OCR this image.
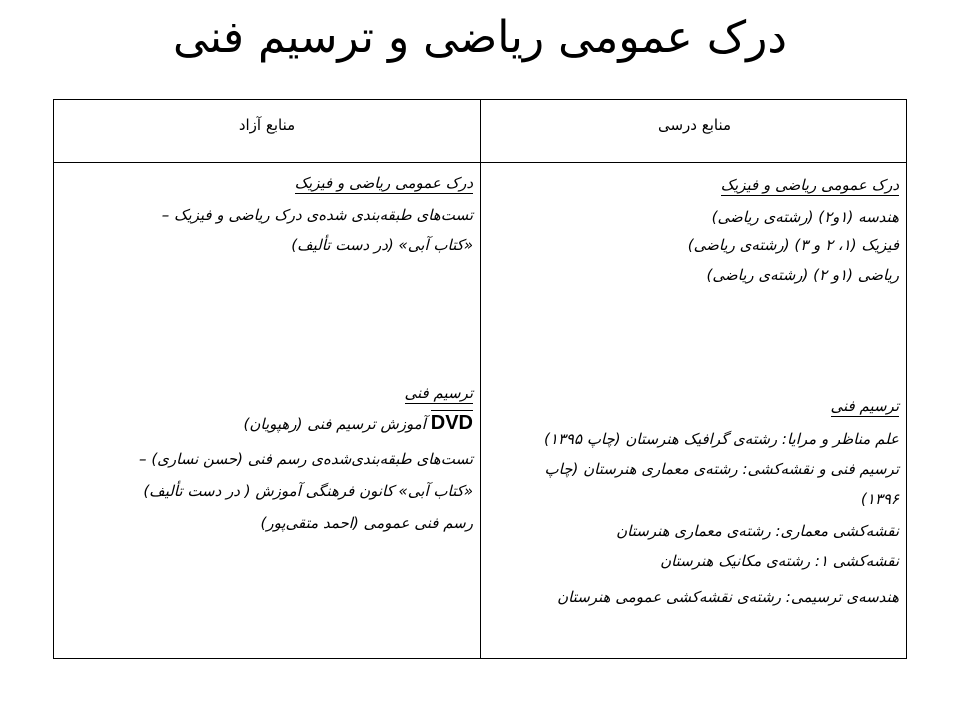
درک عمومی ریاضی و ترسیم فنی
منابع درسی
منابع آزاد
درک عمومی ریاضی و فیزیک
هندسه (۱و۲) (رشته‌ی ریاضی)
فیزیک (۱، ۲ و ۳) (رشته‌ی ریاضی)
ریاضی (۱و ۲) (رشته‌ی ریاضی)
ترسیم فنی
علم مناظر و مرایا: رشته‌ی گرافیک هنرستان (چاپ ۱۳۹۵)
ترسیم فنی و نقشه‌کشی: رشته‌ی معماری هنرستان (چاپ
۱۳۹۶)
نقشه‌کشی معماری: رشته‌ی معماری هنرستان
نقشه‌کشی ۱: رشته‌ی مکانیک هنرستان
هندسه‌ی ترسیمی: رشته‌ی نقشه‌کشی عمومی هنرستان
درک عمومی ریاضی و فیزیک
تست‌های طبقه‌بندی شده‌ی درک ریاضی و فیزیک –
«کتاب آبی» (در دست تألیف)
ترسیم فنی
DVD آموزش ترسیم فنی (رهپویان)
تست‌های طبقه‌بندی‌شده‌ی رسم فنی (حسن نساری) –
«کتاب آبی» کانون فرهنگی آموزش ( در دست تألیف)
رسم فنی عمومی (احمد متقی‌پور)
